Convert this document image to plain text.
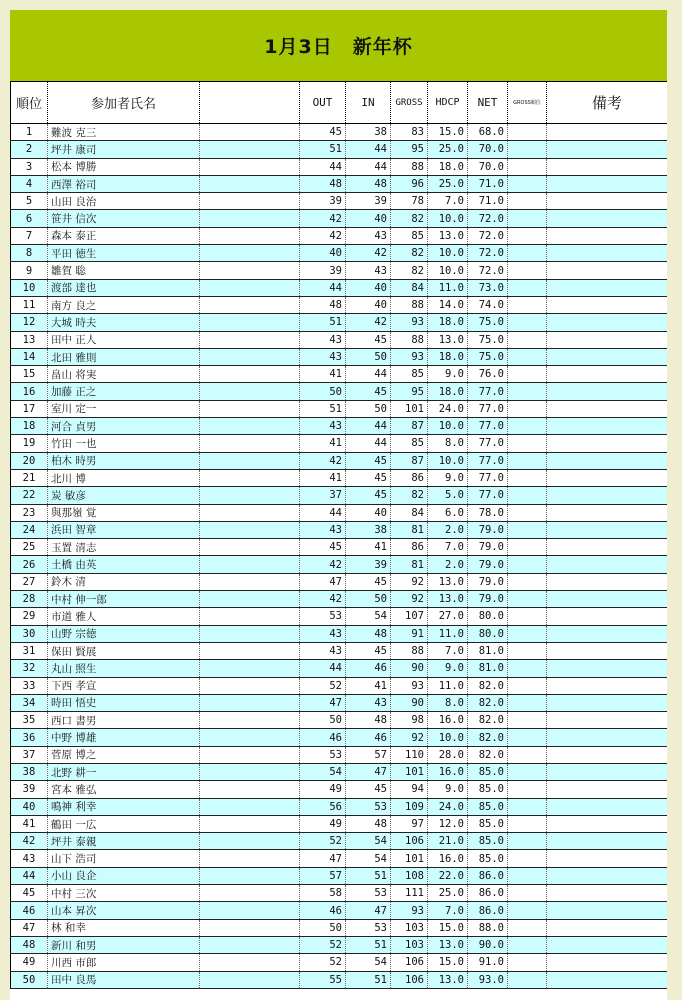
1月3日　新年杯
順位	参加者氏名		OUT	IN	GROSS	HDCP	NET	GROSS順位	備考
1	難波 克三		45	38	83	15.0	68.0		
2	坪井 康司		51	44	95	25.0	70.0		
3	松本 博勝		44	44	88	18.0	70.0		
4	西澤 裕司		48	48	96	25.0	71.0		
5	山田 良治		39	39	78	7.0	71.0		
6	笹井 信次		42	40	82	10.0	72.0		
7	森本 泰正		42	43	85	13.0	72.0		
8	平田 徳生		40	42	82	10.0	72.0		
9	雛賀 聡		39	43	82	10.0	72.0		
10	渡部 達也		44	40	84	11.0	73.0		
11	南方 良之		48	40	88	14.0	74.0		
12	大城 時夫		51	42	93	18.0	75.0		
13	田中 正人		43	45	88	13.0	75.0		
14	北田 雅則		43	50	93	18.0	75.0		
15	畠山 将実		41	44	85	9.0	76.0		
16	加藤 正之		50	45	95	18.0	77.0		
17	室川 定一		51	50	101	24.0	77.0		
18	河合 貞男		43	44	87	10.0	77.0		
19	竹田 一也		41	44	85	8.0	77.0		
20	柏木 時男		42	45	87	10.0	77.0		
21	北川 博		41	45	86	9.0	77.0		
22	炭 敏彦		37	45	82	5.0	77.0		
23	與那嶺 覚		44	40	84	6.0	78.0		
24	浜田 智章		43	38	81	2.0	79.0		
25	玉置 清志		45	41	86	7.0	79.0		
26	土橋 由英		42	39	81	2.0	79.0		
27	鈴木 清		47	45	92	13.0	79.0		
28	中村 伸一郎		42	50	92	13.0	79.0		
29	市道 雅人		53	54	107	27.0	80.0		
30	山野 宗徳		43	48	91	11.0	80.0		
31	保田 賢展		43	45	88	7.0	81.0		
32	丸山 照生		44	46	90	9.0	81.0		
33	下西 孝宣		52	41	93	11.0	82.0		
34	時田 悟史		47	43	90	8.0	82.0		
35	西口 書男		50	48	98	16.0	82.0		
36	中野 博雄		46	46	92	10.0	82.0		
37	菅原 博之		53	57	110	28.0	82.0		
38	北野 耕一		54	47	101	16.0	85.0		
39	宮本 雅弘		49	45	94	9.0	85.0		
40	鳴神 利幸		56	53	109	24.0	85.0		
41	鶴田 一広		49	48	97	12.0	85.0		
42	坪井 泰親		52	54	106	21.0	85.0		
43	山下 浩司		47	54	101	16.0	85.0		
44	小山 良企		57	51	108	22.0	86.0		
45	中村 三次		58	53	111	25.0	86.0		
46	山本 昇次		46	47	93	7.0	86.0		
47	林 和幸		50	53	103	15.0	88.0		
48	新川 和男		52	51	103	13.0	90.0		
49	川西 市郎		52	54	106	15.0	91.0		
50	田中 良馬		55	51	106	13.0	93.0		
